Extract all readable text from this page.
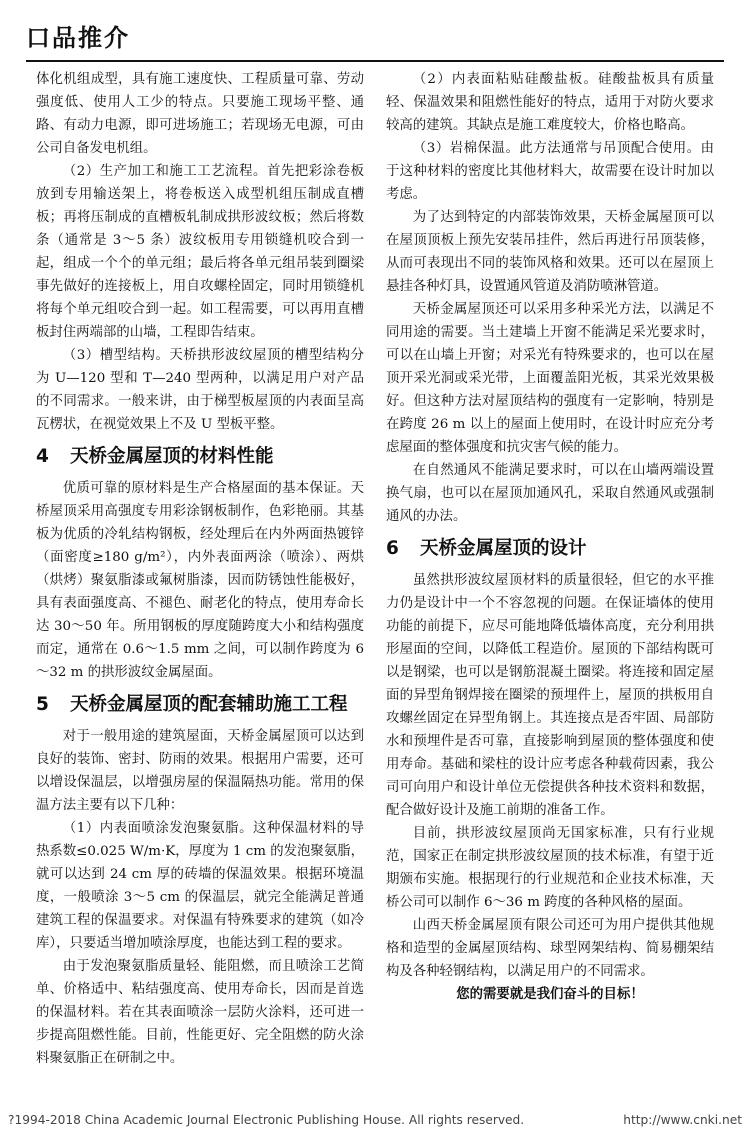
口品推介

体化机组成型，具有施工速度快、工程质量可靠、劳动强度低、使用人工少的特点。只要施工现场平整、通路、有动力电源，即可进场施工；若现场无电源，可由公司自备发电机组。

（2）生产加工和施工工艺流程。首先把彩涂卷板放到专用输送架上，将卷板送入成型机组压制成直槽板；再将压制成的直槽板轧制成拱形波纹板；然后将数条（通常是 3～5 条）波纹板用专用锁缝机咬合到一起，组成一个个的单元组；最后将各单元组吊装到圈梁事先做好的连接板上，用自攻螺栓固定，同时用锁缝机将每个单元组咬合到一起。如工程需要，可以再用直槽板封住两端部的山墙，工程即告结束。

（3）槽型结构。天桥拱形波纹屋顶的槽型结构分为 U—120 型和 T—240 型两种，以满足用户对产品的不同需求。一般来讲，由于梯型板屋顶的内表面呈高瓦楞状，在视觉效果上不及 U 型板平整。

4 天桥金属屋顶的材料性能

优质可靠的原材料是生产合格屋面的基本保证。天桥屋顶采用高强度专用彩涂钢板制作，色彩艳丽。其基板为优质的冷轧结构钢板，经处理后在内外两面热镀锌（面密度≥180 g/m²），内外表面两涂（喷涂）、两烘（烘烤）聚氨脂漆或氟树脂漆，因而防锈蚀性能极好，具有表面强度高、不褪色、耐老化的特点，使用寿命长达 30～50 年。所用钢板的厚度随跨度大小和结构强度而定，通常在 0.6～1.5 mm 之间，可以制作跨度为 6～32 m 的拱形波纹金属屋面。

5 天桥金属屋顶的配套辅助施工工程

对于一般用途的建筑屋面，天桥金属屋顶可以达到良好的装饰、密封、防雨的效果。根据用户需要，还可以增设保温层，以增强房屋的保温隔热功能。常用的保温方法主要有以下几种：

（1）内表面喷涂发泡聚氨脂。这种保温材料的导热系数≤0.025 W/m·K，厚度为 1 cm 的发泡聚氨脂，就可以达到 24 cm 厚的砖墙的保温效果。根据环境温度，一般喷涂 3～5 cm 的保温层，就完全能满足普通建筑工程的保温要求。对保温有特殊要求的建筑（如冷库），只要适当增加喷涂厚度，也能达到工程的要求。

由于发泡聚氨脂质量轻、能阻燃，而且喷涂工艺简单、价格适中、粘结强度高、使用寿命长，因而是首选的保温材料。若在其表面喷涂一层防火涂料，还可进一步提高阻燃性能。目前，性能更好、完全阻燃的防火涂料聚氨脂正在研制之中。

（2）内表面粘贴硅酸盐板。硅酸盐板具有质量轻、保温效果和阻燃性能好的特点，适用于对防火要求较高的建筑。其缺点是施工难度较大，价格也略高。

（3）岩棉保温。此方法通常与吊顶配合使用。由于这种材料的密度比其他材料大，故需要在设计时加以考虑。

为了达到特定的内部装饰效果，天桥金属屋顶可以在屋顶顶板上预先安装吊挂件，然后再进行吊顶装修，从而可表现出不同的装饰风格和效果。还可以在屋顶上悬挂各种灯具，设置通风管道及消防喷淋管道。

天桥金属屋顶还可以采用多种采光方法，以满足不同用途的需要。当土建墙上开窗不能满足采光要求时，可以在山墙上开窗；对采光有特殊要求的，也可以在屋顶开采光洞或采光带，上面覆盖阳光板，其采光效果极好。但这种方法对屋顶结构的强度有一定影响，特别是在跨度 26 m 以上的屋面上使用时，在设计时应充分考虑屋面的整体强度和抗灾害气候的能力。

在自然通风不能满足要求时，可以在山墙两端设置换气扇，也可以在屋顶加通风孔，采取自然通风或强制通风的办法。

6 天桥金属屋顶的设计

虽然拱形波纹屋顶材料的质量很轻，但它的水平推力仍是设计中一个不容忽视的问题。在保证墙体的使用功能的前提下，应尽可能地降低墙体高度，充分利用拱形屋面的空间，以降低工程造价。屋顶的下部结构既可以是钢梁，也可以是钢筋混凝土圈梁。将连接和固定屋面的异型角钢焊接在圈梁的预埋件上，屋顶的拱板用自攻螺丝固定在异型角钢上。其连接点是否牢固、局部防水和预埋件是否可靠，直接影响到屋顶的整体强度和使用寿命。基础和梁柱的设计应考虑各种载荷因素，我公司可向用户和设计单位无偿提供各种技术资料和数据，配合做好设计及施工前期的准备工作。

目前，拱形波纹屋顶尚无国家标准，只有行业规范，国家正在制定拱形波纹屋顶的技术标准，有望于近期颁布实施。根据现行的行业规范和企业技术标准，天桥公司可以制作 6～36 m 跨度的各种风格的屋面。

山西天桥金属屋顶有限公司还可为用户提供其他规格和造型的金属屋顶结构、球型网架结构、简易棚架结构及各种轻钢结构，以满足用户的不同需求。

您的需要就是我们奋斗的目标！

?1994-2018 China Academic Journal Electronic Publishing House. All rights reserved.	http://www.cnki.net
